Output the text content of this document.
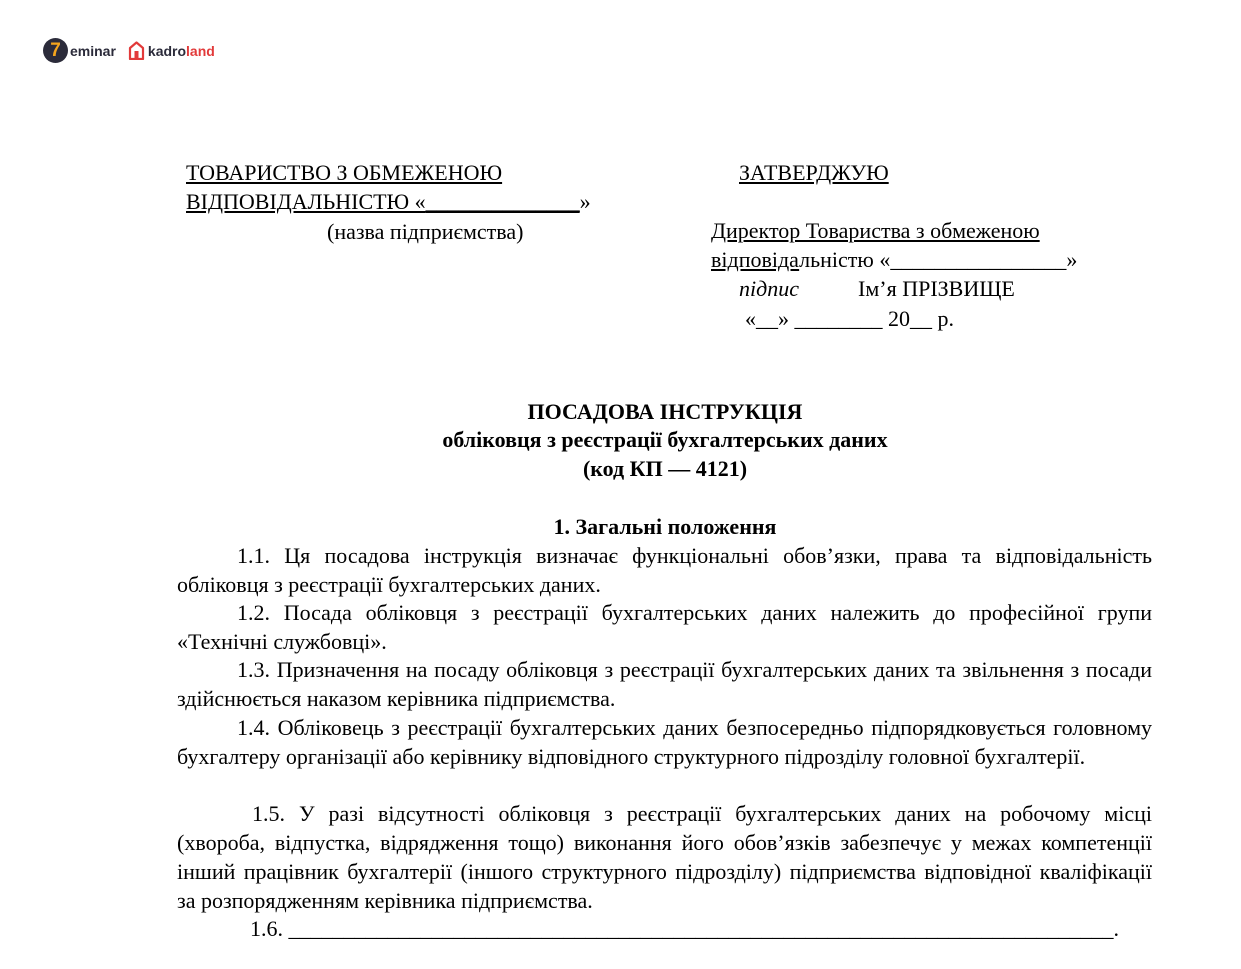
7 eminar kadroland
ТОВАРИСТВО З ОБМЕЖЕНОЮ
ВІДПОВІДАЛЬНІСТЮ «______________»
(назва підприємства)
ЗАТВЕРДЖУЮ
Директор Товариства з обмеженою
відповідальністю «________________»
підпис	Ім’я ПРІЗВИЩЕ
«__» ________ 20__ р.
ПОСАДОВА ІНСТРУКЦІЯ
обліковця з реєстрації бухгалтерських даних
(код КП — 4121)
1. Загальні положення
1.1. Ця посадова інструкція визначає функціональні обов’язки, права та відповідальність обліковця з реєстрації бухгалтерських даних.
1.2. Посада обліковця з реєстрації бухгалтерських даних належить до професійної групи «Технічні службовці».
1.3. Призначення на посаду обліковця з реєстрації бухгалтерських даних та звільнення з посади здійснюється наказом керівника підприємства.
1.4. Обліковець з реєстрації бухгалтерських даних безпосередньо підпорядковується головному бухгалтеру організації або керівнику відповідного структурного підрозділу головної бухгалтерії.
1.5. У разі відсутності обліковця з реєстрації бухгалтерських даних на робочому місці (хвороба, відпустка, відрядження тощо) виконання його обов’язків забезпечує у межах компетенції інший працівник бухгалтерії (іншого структурного підрозділу) підприємства відповідної кваліфікації за розпорядженням керівника підприємства.
1.6. ___________________________________________________________________________.
